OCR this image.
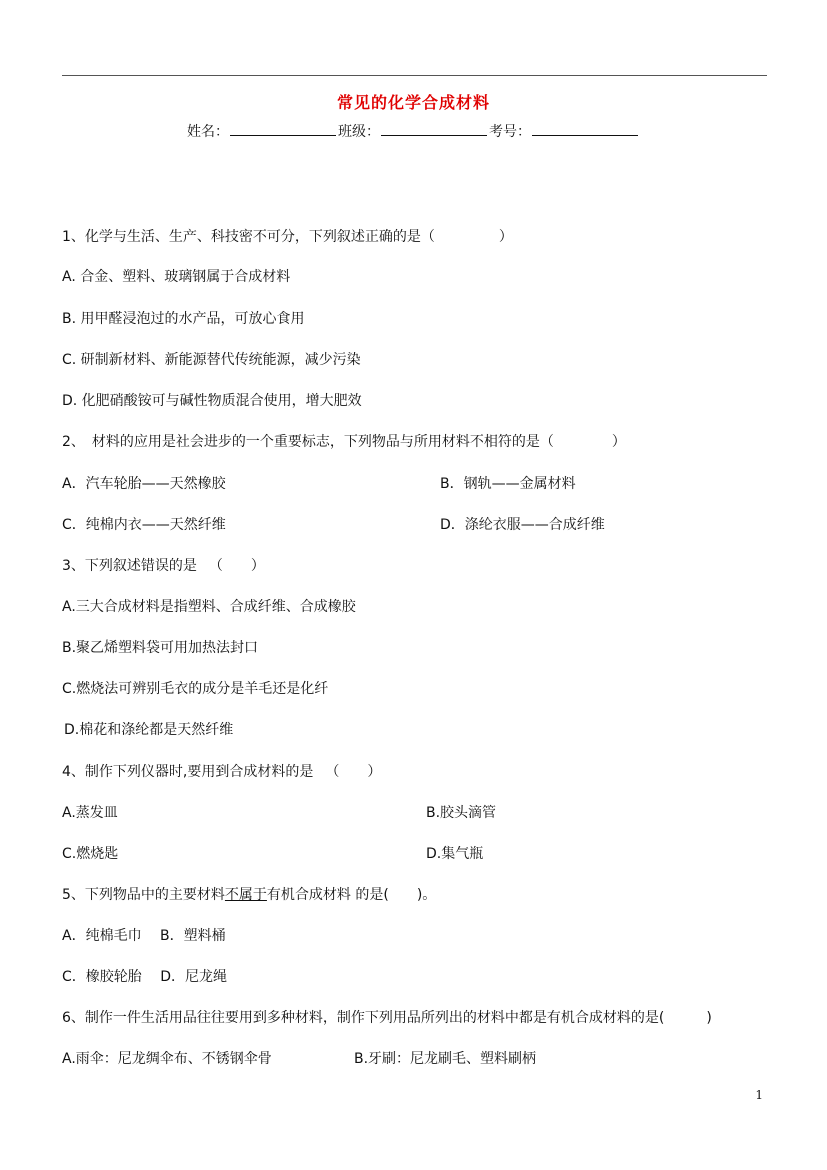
常见的化学合成材料
姓名：	班级：	考号：
1、化学与生活、生产、科技密不可分，下列叙述正确的是（	）
A. 合金、塑料、玻璃钢属于合成材料
B. 用甲醛浸泡过的水产品，可放心食用
C. 研制新材料、新能源替代传统能源，减少污染
D. 化肥硝酸铵可与碱性物质混合使用，增大肥效
2、　材料的应用是社会进步的一个重要标志，下列物品与所用材料不相符的是（	）
A．汽车轮胎——天然橡胶	B．钢轨——金属材料
C．纯棉内衣——天然纤维	D．涤纶衣服——合成纤维
3、下列叙述错误的是 （　　）
A.三大合成材料是指塑料、合成纤维、合成橡胶
B.聚乙烯塑料袋可用加热法封口
C.燃烧法可辨别毛衣的成分是羊毛还是化纤
D.棉花和涤纶都是天然纤维
4、制作下列仪器时,要用到合成材料的是 （　　）
A.蒸发皿	B.胶头滴管
C.燃烧匙	D.集气瓶
5、下列物品中的主要材料不属于有机合成材料 的是(　　)。
A．纯棉毛巾　 B．塑料桶
C．橡胶轮胎　 D．尼龙绳
6、制作一件生活用品往往要用到多种材料，制作下列用品所列出的材料中都是有机合成材料的是(　　　)
A.雨伞：尼龙绸伞布、不锈钢伞骨	B.牙刷：尼龙刷毛、塑料刷柄
1
